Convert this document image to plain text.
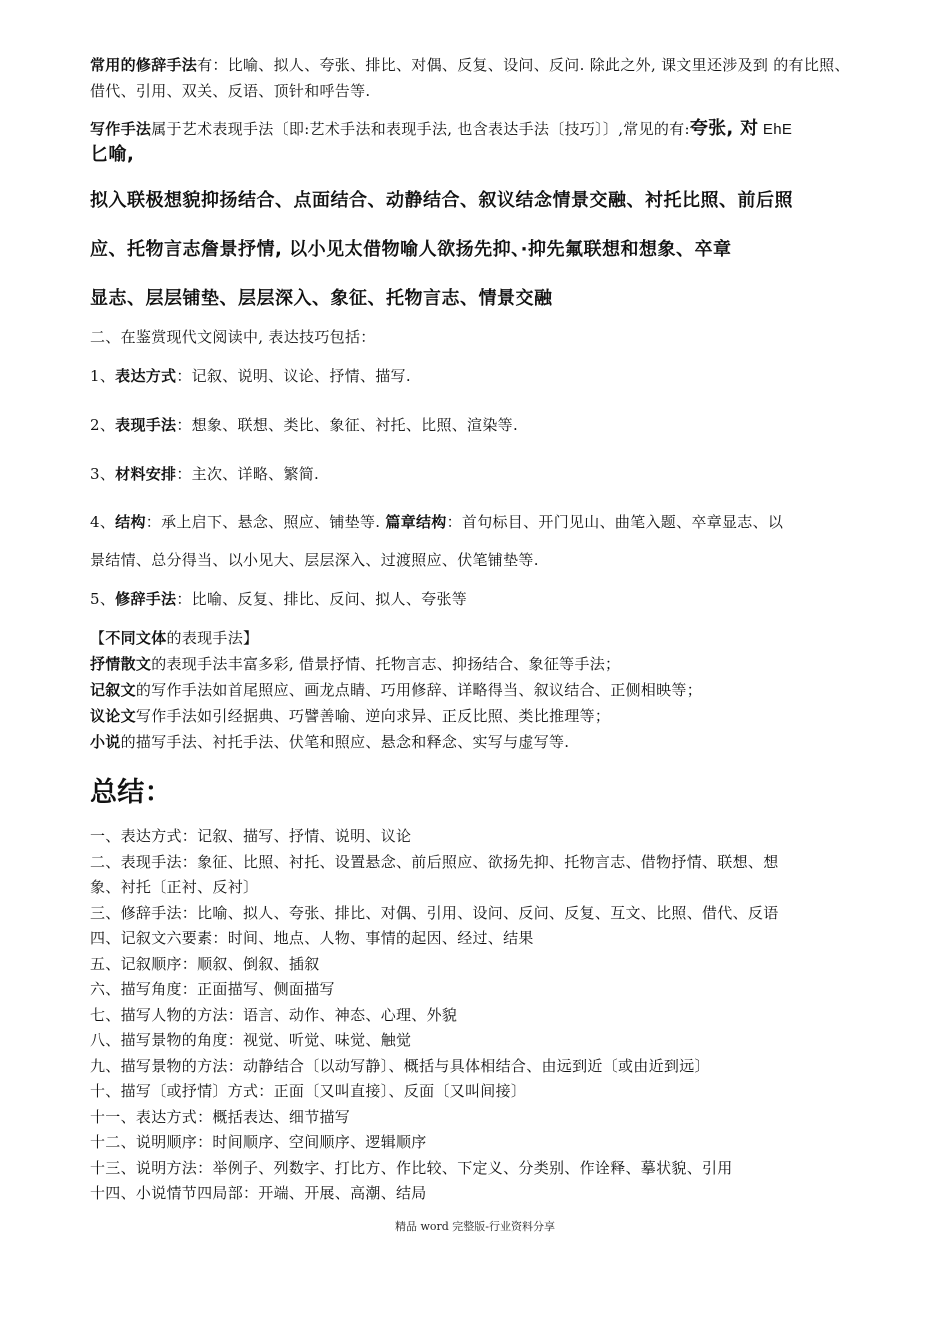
常用的修辞手法有：比喻、拟人、夸张、排比、对偶、反复、设问、反问. 除此之外, 课文里还涉及到 的有比照、借代、引用、双关、反语、顶针和呼告等.

写作手法属于艺术表现手法〔即:艺术手法和表现手法, 也含表达手法〔技巧〕〕,常见的有:夸张, 对 EhE

匕喻,

拟入联极想貌抑扬结合、点面结合、动静结合、叙议结念情景交融、衬托比照、前后照

应、托物言志詹景抒情, 以小见太借物喻人欲扬先抑、·抑先氟联想和想象、卒章

显志、层层铺垫、层层深入、象征、托物言志、情景交融

二、在鉴赏现代文阅读中, 表达技巧包括：

1、表达方式：记叙、说明、议论、抒情、描写.

2、表现手法：想象、联想、类比、象征、衬托、比照、渲染等.

3、材料安排：主次、详略、繁简.

4、结构：承上启下、悬念、照应、铺垫等. 篇章结构：首句标目、开门见山、曲笔入题、卒章显志、以

景结情、总分得当、以小见大、层层深入、过渡照应、伏笔铺垫等.

5、修辞手法：比喻、反复、排比、反问、拟人、夸张等

【不同文体的表现手法】

抒情散文的表现手法丰富多彩, 借景抒情、托物言志、抑扬结合、象征等手法；

记叙文的写作手法如首尾照应、画龙点睛、巧用修辞、详略得当、叙议结合、正侧相映等；

议论文写作手法如引经据典、巧譬善喻、逆向求异、正反比照、类比推理等；

小说的描写手法、衬托手法、伏笔和照应、悬念和释念、实写与虚写等.

总结：

一、表达方式：记叙、描写、抒情、说明、议论

二、表现手法：象征、比照、衬托、设置悬念、前后照应、欲扬先抑、托物言志、借物抒情、联想、想

象、衬托〔正衬、反衬〕

三、修辞手法：比喻、拟人、夸张、排比、对偶、引用、设问、反问、反复、互文、比照、借代、反语

四、记叙文六要素：时间、地点、人物、事情的起因、经过、结果

五、记叙顺序：顺叙、倒叙、插叙

六、描写角度：正面描写、侧面描写

七、描写人物的方法：语言、动作、神态、心理、外貌

八、描写景物的角度：视觉、听觉、味觉、触觉

九、描写景物的方法：动静结合〔以动写静〕、概括与具体相结合、由远到近〔或由近到远〕

十、描写〔或抒情〕方式：正面〔又叫直接〕、反面〔又叫间接〕

十一、表达方式：概括表达、细节描写

十二、说明顺序：时间顺序、空间顺序、逻辑顺序

十三、说明方法：举例子、列数字、打比方、作比较、下定义、分类别、作诠释、摹状貌、引用

十四、小说情节四局部：开端、开展、高潮、结局

精品 word 完整版-行业资料分享
